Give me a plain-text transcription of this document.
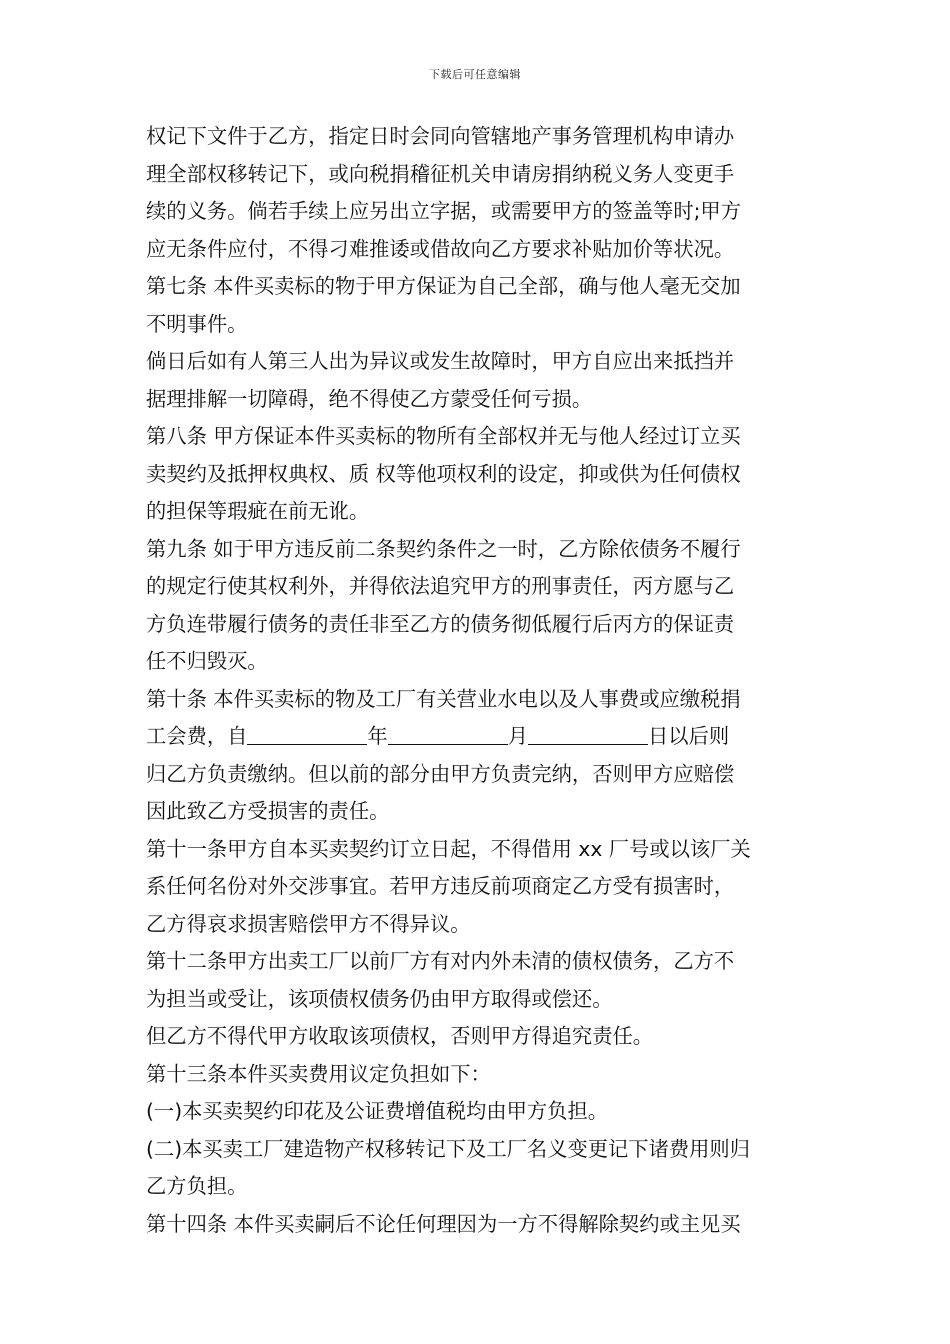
下载后可任意编辑
权记下文件于乙方，指定日时会同向管辖地产事务管理机构申请办
理全部权移转记下，或向税捐稽征机关申请房捐纳税义务人变更手
续的义务。倘若手续上应另出立字据，或需要甲方的签盖等时;甲方
应无条件应付，不得刁难推诿或借故向乙方要求补贴加价等状况。
第七条 本件买卖标的物于甲方保证为自己全部，确与他人毫无交加
不明事件。
倘日后如有人第三人出为异议或发生故障时，甲方自应出来抵挡并
据理排解一切障碍，绝不得使乙方蒙受任何亏损。
第八条 甲方保证本件买卖标的物所有全部权并无与他人经过订立买
卖契约及抵押权典权、质 权等他项权利的设定，抑或供为任何债权
的担保等瑕疵在前无讹。
第九条 如于甲方违反前二条契约条件之一时，乙方除依债务不履行
的规定行使其权利外，并得依法追究甲方的刑事责任，丙方愿与乙
方负连带履行债务的责任非至乙方的债务彻低履行后丙方的保证责
任不归毁灭。
第十条 本件买卖标的物及工厂有关营业水电以及人事费或应缴税捐
工会费，自	年	月	日以后则
归乙方负责缴纳。但以前的部分由甲方负责完纳，否则甲方应赔偿
因此致乙方受损害的责任。
第十一条甲方自本买卖契约订立日起，不得借用 xx 厂号或以该厂关
系任何名份对外交涉事宜。若甲方违反前项商定乙方受有损害时，
乙方得哀求损害赔偿甲方不得异议。
第十二条甲方出卖工厂以前厂方有对内外未清的债权债务，乙方不
为担当或受让，该项债权债务仍由甲方取得或偿还。
但乙方不得代甲方收取该项债权，否则甲方得追究责任。
第十三条本件买卖费用议定负担如下：
(一)本买卖契约印花及公证费增值税均由甲方负担。
(二)本买卖工厂建造物产权移转记下及工厂名义变更记下诸费用则归
乙方负担。
第十四条 本件买卖嗣后不论任何理因为一方不得解除契约或主见买
